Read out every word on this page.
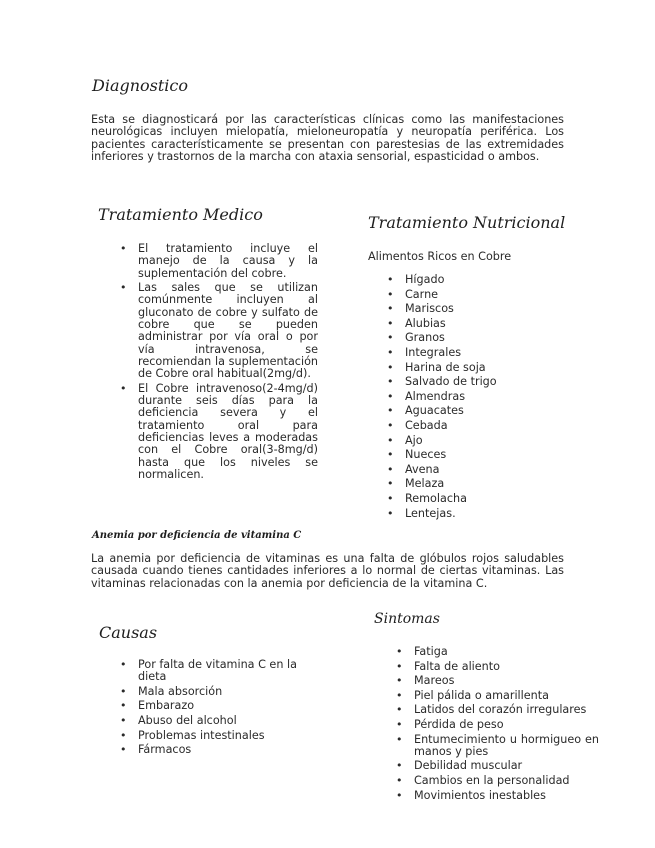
Diagnostico

Esta se diagnosticará por las características clínicas como las manifestaciones neurológicas incluyen mielopatía, mieloneuropatía y neuropatía periférica. Los pacientes característicamente se presentan con parestesias de las extremidades inferiores y trastornos de la marcha con ataxia sensorial, espasticidad o ambos.

Tratamiento Medico
• El tratamiento incluye el manejo de la causa y la suplementación del cobre.
• Las sales que se utilizan comúnmente incluyen al gluconato de cobre y sulfato de cobre que se pueden administrar por vía oral o por vía intravenosa, se recomiendan la suplementación de Cobre oral habitual(2mg/d).
• El Cobre intravenoso(2-4mg/d) durante seis días para la deficiencia severa y el tratamiento oral para deficiencias leves a moderadas con el Cobre oral(3-8mg/d) hasta que los niveles se normalicen.
Tratamiento Nutricional
Alimentos Ricos en Cobre
• Hígado
• Carne
• Mariscos
• Alubias
• Granos
• Integrales
• Harina de soja
• Salvado de trigo
• Almendras
• Aguacates
• Cebada
• Ajo
• Nueces
• Avena
• Melaza
• Remolacha
• Lentejas.
Anemia por deficiencia de vitamina C

La anemia por deficiencia de vitaminas es una falta de glóbulos rojos saludables causada cuando tienes cantidades inferiores a lo normal de ciertas vitaminas. Las vitaminas relacionadas con la anemia por deficiencia de la vitamina C.

Causas
• Por falta de vitamina C en la dieta
• Mala absorción
• Embarazo
• Abuso del alcohol
• Problemas intestinales
• Fármacos
Sintomas
• Fatiga
• Falta de aliento
• Mareos
• Piel pálida o amarillenta
• Latidos del corazón irregulares
• Pérdida de peso
• Entumecimiento u hormigueo en manos y pies
• Debilidad muscular
• Cambios en la personalidad
• Movimientos inestables
